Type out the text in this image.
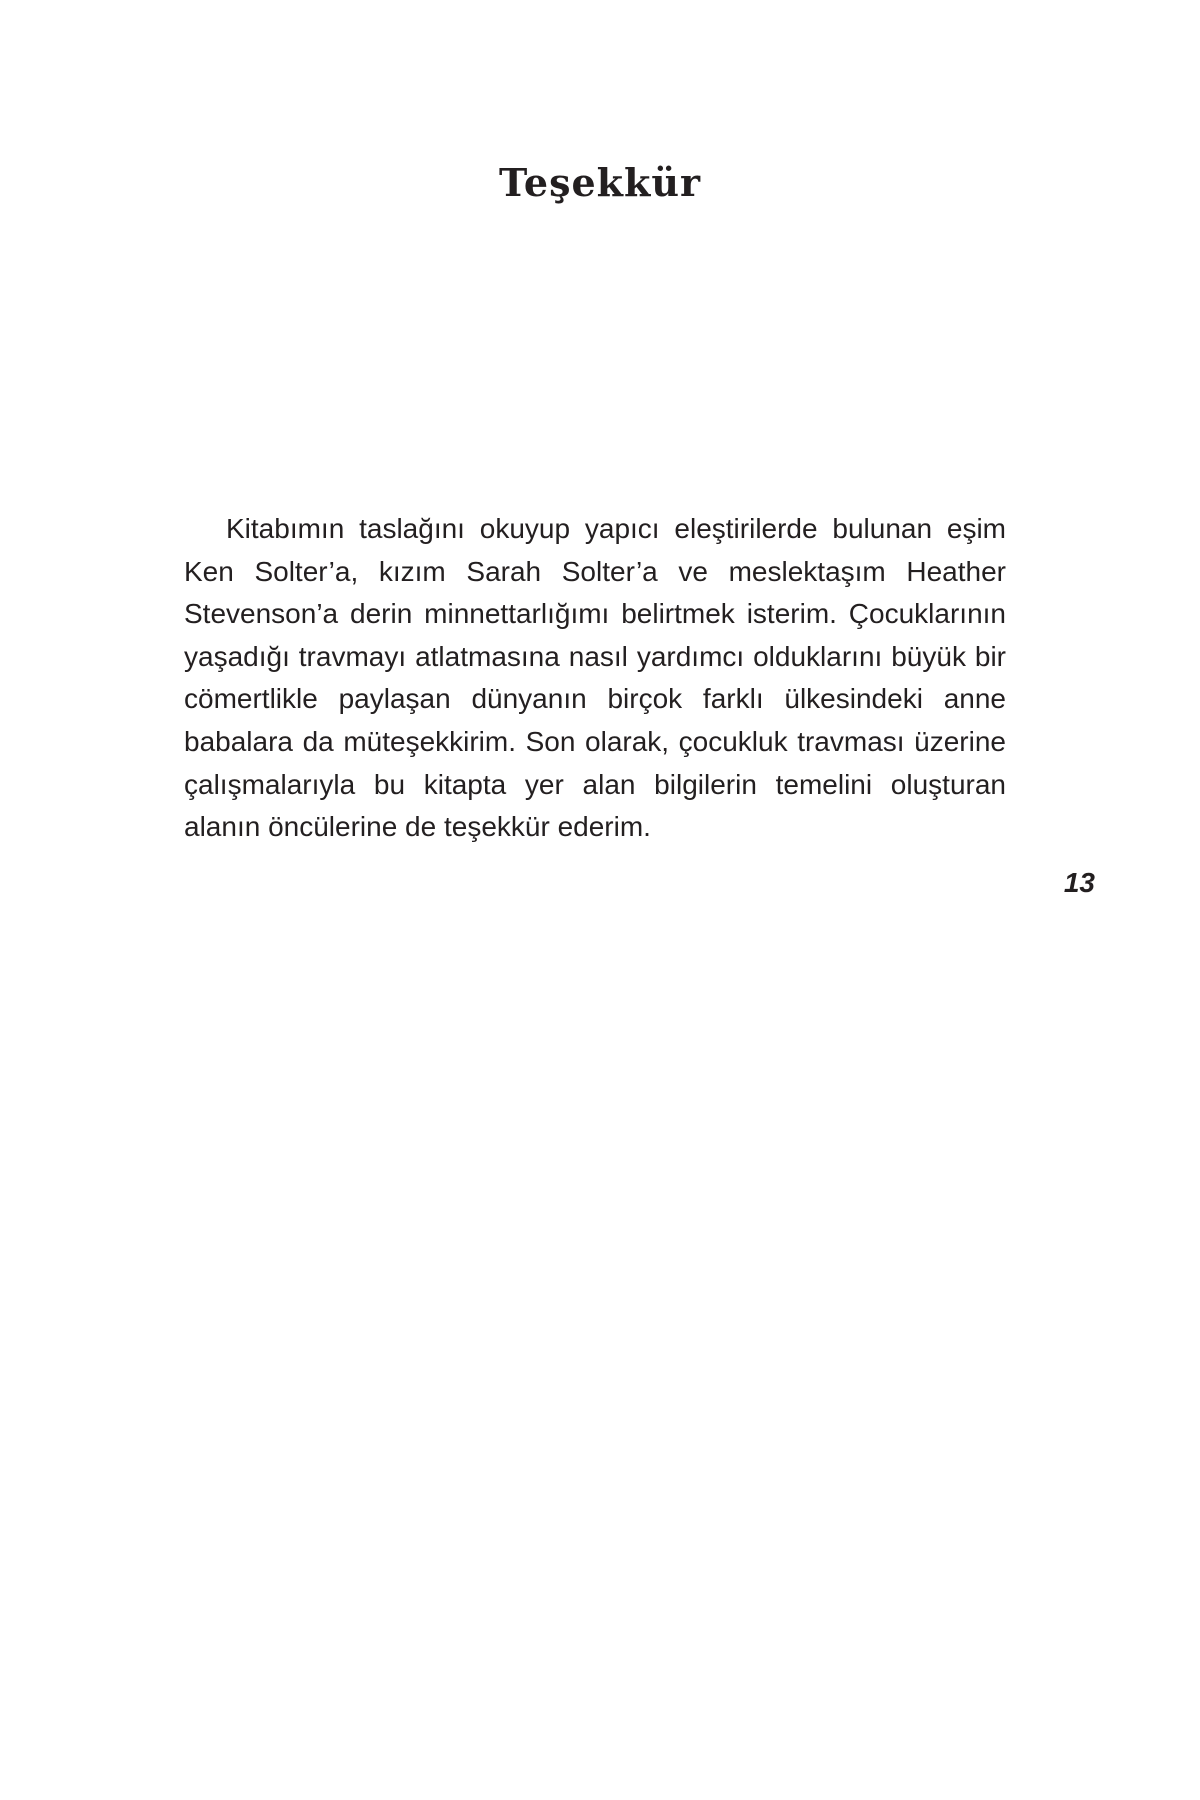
Teşekkür

Kitabımın taslağını okuyup yapıcı eleştirilerde bulunan eşim Ken Solter’a, kızım Sarah Solter’a ve meslektaşım Heather Stevenson’a derin minnettarlığımı belirtmek isterim. Çocuklarının yaşadığı travmayı atlatmasına nasıl yardımcı olduklarını büyük bir cömertlikle paylaşan dünyanın birçok farklı ülkesindeki anne babalara da müteşekkirim. Son olarak, çocukluk travması üzerine çalışmalarıyla bu kitapta yer alan bilgilerin temelini oluşturan alanın öncülerine de teşekkür ederim.

13
